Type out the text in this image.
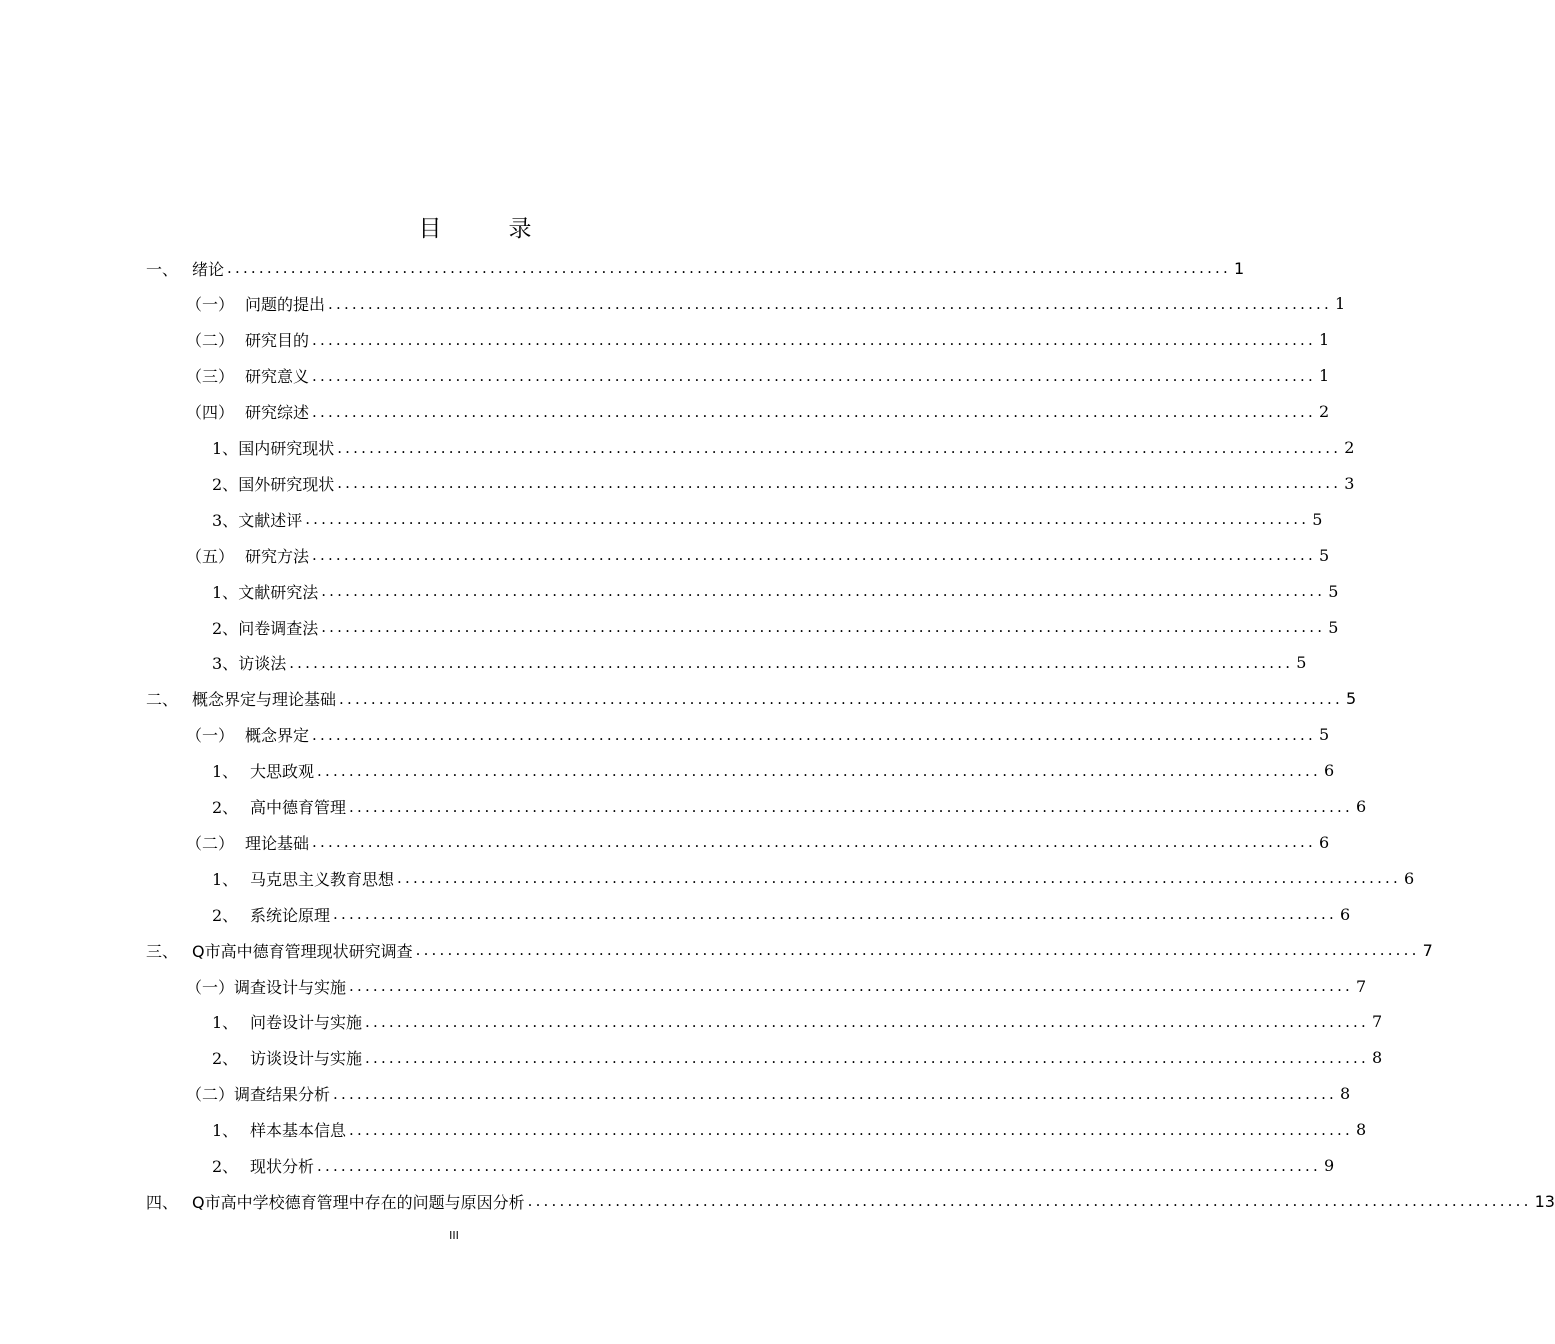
目　录
一、 绪论 .............................................................................................................................. 1
（一） 问题的提出 .............................................................................................................................. 1
（二） 研究目的 .............................................................................................................................. 1
（三） 研究意义 .............................................................................................................................. 1
（四） 研究综述 .............................................................................................................................. 2
1、 国内研究现状 .............................................................................................................................. 2
2、 国外研究现状 .............................................................................................................................. 3
3、 文献述评 .............................................................................................................................. 5
（五） 研究方法 .............................................................................................................................. 5
1、 文献研究法 .............................................................................................................................. 5
2、 问卷调查法 .............................................................................................................................. 5
3、 访谈法 .............................................................................................................................. 5
二、 概念界定与理论基础 .............................................................................................................................. 5
（一） 概念界定 .............................................................................................................................. 5
1、 大思政观 .............................................................................................................................. 6
2、 高中德育管理 .............................................................................................................................. 6
（二） 理论基础 .............................................................................................................................. 6
1、 马克思主义教育思想 .............................................................................................................................. 6
2、 系统论原理 .............................................................................................................................. 6
三、 Q市高中德育管理现状研究调查 .............................................................................................................................. 7
（一） 调查设计与实施 .............................................................................................................................. 7
1、 问卷设计与实施 .............................................................................................................................. 7
2、 访谈设计与实施 .............................................................................................................................. 8
（二） 调查结果分析 .............................................................................................................................. 8
1、 样本基本信息 .............................................................................................................................. 8
2、 现状分析 .............................................................................................................................. 9
四、 Q市高中学校德育管理中存在的问题与原因分析 .............................................................................................................................. 13
III
